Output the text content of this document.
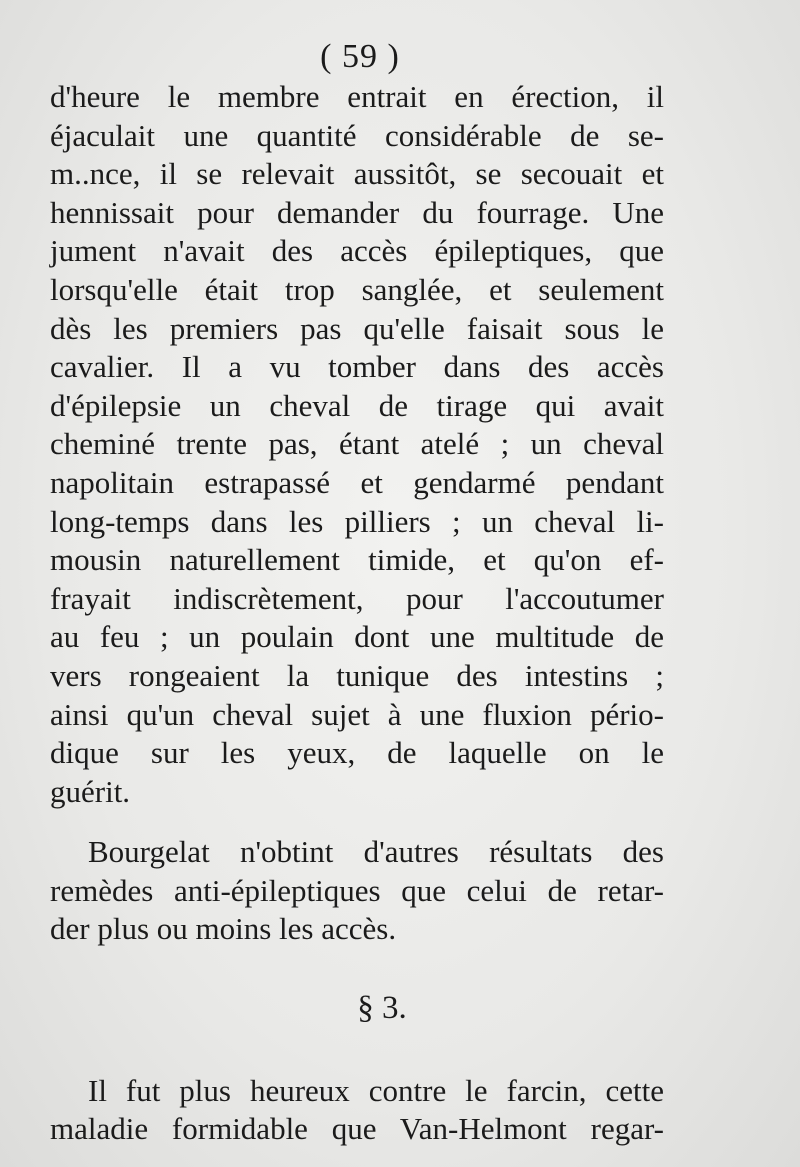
( 59 )
d'heure le membre entrait en érection, il
éjaculait une quantité considérable de se-
m..nce, il se relevait aussitôt, se secouait et
hennissait pour demander du fourrage. Une
jument n'avait des accès épileptiques, que
lorsqu'elle était trop sanglée, et seulement
dès les premiers pas qu'elle faisait sous le
cavalier. Il a vu tomber dans des accès
d'épilepsie un cheval de tirage qui avait
cheminé trente pas, étant atelé ; un cheval
napolitain estrapassé et gendarmé pendant
long-temps dans les pilliers ; un cheval li-
mousin naturellement timide, et qu'on ef-
frayait indiscrètement, pour l'accoutumer
au feu ; un poulain dont une multitude de
vers rongeaient la tunique des intestins ;
ainsi qu'un cheval sujet à une fluxion pério-
dique sur les yeux, de laquelle on le
guérit.
Bourgelat n'obtint d'autres résultats des
remèdes anti-épileptiques que celui de retar-
der plus ou moins les accès.
§ 3.
Il fut plus heureux contre le farcin, cette
maladie formidable que Van-Helmont regar-
